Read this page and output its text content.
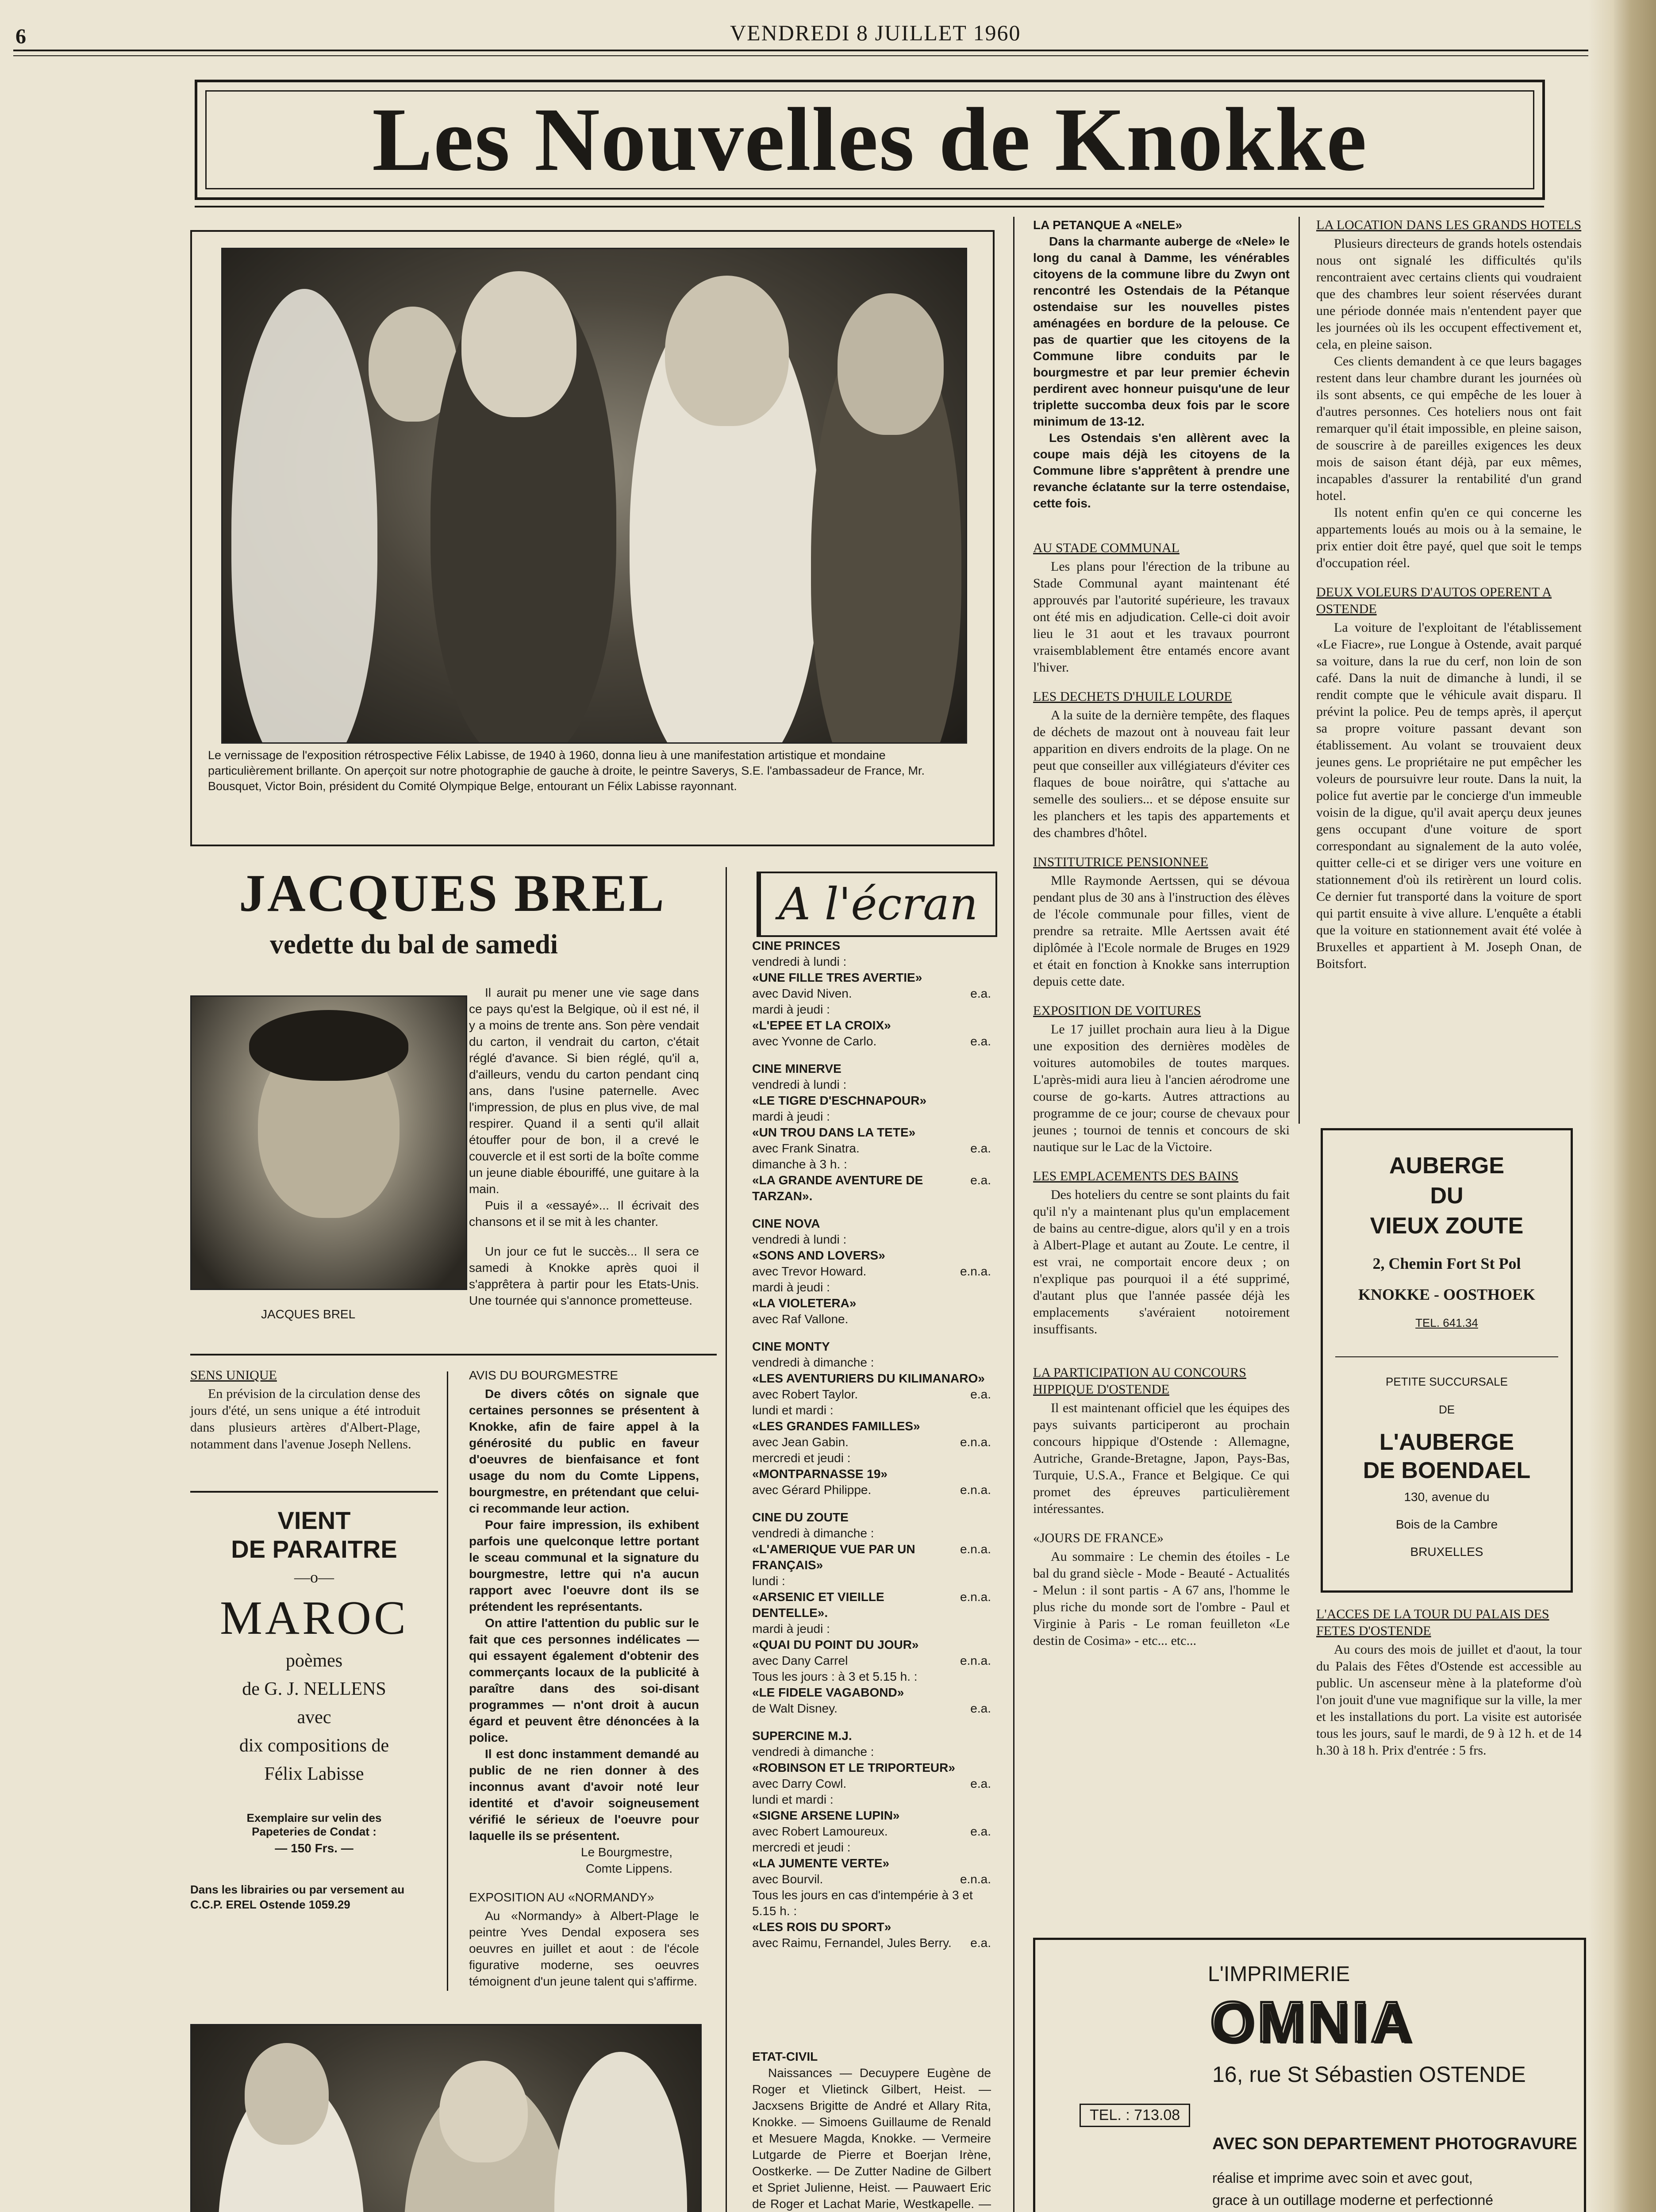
6	VENDREDI 8 JUILLET 1960
Les Nouvelles de Knokke
Le vernissage de l'exposition rétrospective Félix Labisse, de 1940 à 1960, donna lieu à une manifestation artistique et mondaine particulièrement brillante. On aperçoit sur notre photographie de gauche à droite, le peintre Saverys, S.E. l'ambassadeur de France, Mr. Bousquet, Victor Boin, président du Comité Olympique Belge, entourant un Félix Labisse rayonnant.
JACQUES BREL
vedette du bal de samedi
JACQUES BREL

Il aurait pu mener une vie sage dans ce pays qu'est la Belgique, où il est né, il y a moins de trente ans. Son père vendait du carton, il vendrait du carton, c'était réglé d'avance. Si bien réglé, qu'il a, d'ailleurs, vendu du carton pendant cinq ans, dans l'usine paternelle. Avec l'impression, de plus en plus vive, de mal respirer. Quand il a senti qu'il allait étouffer pour de bon, il a crevé le couvercle et il est sorti de la boîte comme un jeune diable ébouriffé, une guitare à la main.

Puis il a «essayé»... Il écrivait des chansons et il se mit à les chanter.

Un jour ce fut le succès... Il sera ce samedi à Knokke après quoi il s'apprêtera à partir pour les Etats-Unis. Une tournée qui s'annonce prometteuse.

SENS UNIQUE

En prévision de la circulation dense des jours d'été, un sens unique a été introduit dans plusieurs artères d'Albert-Plage, notamment dans l'avenue Joseph Nellens.

VIENT
DE PARAITRE
—o—
MAROC
poèmes
de G. J. NELLENS
avec
dix compositions de
Félix Labisse
Exemplaire sur velin des
Papeteries de Condat :
— 150 Frs. —
Dans les librairies ou par versement au C.C.P. EREL Ostende 1059.29
AVIS DU BOURGMESTRE

De divers côtés on signale que certaines personnes se présentent à Knokke, afin de faire appel à la générosité du public en faveur d'oeuvres de bienfaisance et font usage du nom du Comte Lippens, bourgmestre, en prétendant que celui-ci recommande leur action.

Pour faire impression, ils exhibent parfois une quelconque lettre portant le sceau communal et la signature du bourgmestre, lettre qui n'a aucun rapport avec l'oeuvre dont ils se prétendent les représentants.

On attire l'attention du public sur le fait que ces personnes indélicates — qui essayent également d'obtenir des commerçants locaux de la publicité à paraître dans des soi-disant programmes — n'ont droit à aucun égard et peuvent être dénoncées à la police.

Il est donc instamment demandé au public de ne rien donner à des inconnus avant d'avoir noté leur identité et d'avoir soigneusement vérifié le sérieux de l'oeuvre pour laquelle ils se présentent.

Le Bourgmestre,
Comte Lippens.
EXPOSITION AU «NORMANDY»

Au «Normandy» à Albert-Plage le peintre Yves Dendal exposera ses oeuvres en juillet et aout : de l'école figurative moderne, ses oeuvres témoignent d'un jeune talent qui s'affirme.

A l'écran
CINE PRINCES
vendredi à lundi :
«UNE FILLE TRES AVERTIE»
avec David Niven.	e.a.
mardi à jeudi :
«L'EPEE ET LA CROIX»
avec Yvonne de Carlo.	e.a.
CINE MINERVE
vendredi à lundi :
«LE TIGRE D'ESCHNAPOUR»
mardi à jeudi :
«UN TROU DANS LA TETE»
avec Frank Sinatra.	e.a.
dimanche à 3 h. :
«LA GRANDE AVENTURE DE TARZAN».
e.a.
CINE NOVA
vendredi à lundi :
«SONS AND LOVERS»
avec Trevor Howard.	e.n.a.
mardi à jeudi :
«LA VIOLETERA»
avec Raf Vallone.
CINE MONTY
vendredi à dimanche :
«LES AVENTURIERS DU KILIMANARO»
avec Robert Taylor.	e.a.
lundi et mardi :
«LES GRANDES FAMILLES»
avec Jean Gabin.	e.n.a.
mercredi et jeudi :
«MONTPARNASSE 19»
avec Gérard Philippe.	e.n.a.
CINE DU ZOUTE
vendredi à dimanche :
«L'AMERIQUE VUE PAR UN FRANÇAIS»
e.n.a.
lundi :
«ARSENIC ET VIEILLE DENTELLE».
e.n.a.
mardi à jeudi :
«QUAI DU POINT DU JOUR»
avec Dany Carrel	e.n.a.
Tous les jours : à 3 et 5.15 h. :
«LE FIDELE VAGABOND»
de Walt Disney.	e.a.
SUPERCINE M.J.
vendredi à dimanche :
«ROBINSON ET LE TRIPORTEUR»
avec Darry Cowl.	e.a.
lundi et mardi :
«SIGNE ARSENE LUPIN»
avec Robert Lamoureux.	e.a.
mercredi et jeudi :
«LA JUMENTE VERTE»
avec Bourvil.	e.n.a.
Tous les jours en cas d'intempérie à 3 et 5.15 h. :
«LES ROIS DU SPORT»
avec Raimu, Fernandel, Jules Berry. e.a.
ETAT-CIVIL

Naissances — Decuypere Eugène de Roger et Vlietinck Gilbert, Heist. — Jacxsens Brigitte de André et Allary Rita, Knokke. — Simoens Guillaume de Renald et Mesuere Magda, Knokke. — Vermeire Lutgarde de Pierre et Boerjan Irène, Oostkerke. — De Zutter Nadine de Gilbert et Spriet Julienne, Heist. — Pauwaert Eric de Roger et Lachat Marie, Westkapelle. —

LA PETANQUE A «NELE»

Dans la charmante auberge de «Nele» le long du canal à Damme, les vénérables citoyens de la commune libre du Zwyn ont rencontré les Ostendais de la Pétanque ostendaise sur les nouvelles pistes aménagées en bordure de la pelouse. Ce pas de quartier que les citoyens de la Commune libre conduits par le bourgmestre et par leur premier échevin perdirent avec honneur puisqu'une de leur triplette succomba deux fois par le score minimum de 13-12.

Les Ostendais s'en allèrent avec la coupe mais déjà les citoyens de la Commune libre s'apprêtent à prendre une revanche éclatante sur la terre ostendaise, cette fois.

AU STADE COMMUNAL

Les plans pour l'érection de la tribune au Stade Communal ayant maintenant été approuvés par l'autorité supérieure, les travaux ont été mis en adjudication. Celle-ci doit avoir lieu le 31 aout et les travaux pourront vraisemblablement être entamés encore avant l'hiver.

LES DECHETS D'HUILE LOURDE

A la suite de la dernière tempête, des flaques de déchets de mazout ont à nouveau fait leur apparition en divers endroits de la plage. On ne peut que conseiller aux villégiateurs d'éviter ces flaques de boue noirâtre, qui s'attache au semelle des souliers... et se dépose ensuite sur les planchers et les tapis des appartements et des chambres d'hôtel.

INSTITUTRICE PENSIONNEE

Mlle Raymonde Aertssen, qui se dévoua pendant plus de 30 ans à l'instruction des élèves de l'école communale pour filles, vient de prendre sa retraite. Mlle Aertssen avait été diplômée à l'Ecole normale de Bruges en 1929 et était en fonction à Knokke sans interruption depuis cette date.

EXPOSITION DE VOITURES

Le 17 juillet prochain aura lieu à la Digue une exposition des dernières modèles de voitures automobiles de toutes marques. L'après-midi aura lieu à l'ancien aérodrome une course de go-karts. Autres attractions au programme de ce jour; course de chevaux pour jeunes ; tournoi de tennis et concours de ski nautique sur le Lac de la Victoire.

LES EMPLACEMENTS DES BAINS

Des hoteliers du centre se sont plaints du fait qu'il n'y a maintenant plus qu'un emplacement de bains au centre-digue, alors qu'il y en a trois à Albert-Plage et autant au Zoute. Le centre, il est vrai, ne comportait encore deux ; on n'explique pas pourquoi il a été supprimé, d'autant plus que l'année passée déjà les emplacements s'avéraient notoirement insuffisants.

LA PARTICIPATION AU CONCOURS HIPPIQUE D'OSTENDE

Il est maintenant officiel que les équipes des pays suivants participeront au prochain concours hippique d'Ostende : Allemagne, Autriche, Grande-Bretagne, Japon, Pays-Bas, Turquie, U.S.A., France et Belgique. Ce qui promet des épreuves particulièrement intéressantes.

«JOURS DE FRANCE»

Au sommaire : Le chemin des étoiles - Le bal du grand siècle - Mode - Beauté - Actualités - Melun : il sont partis - A 67 ans, l'homme le plus riche du monde sort de l'ombre - Paul et Virginie à Paris - Le roman feuilleton «Le destin de Cosima» - etc... etc...

LA LOCATION DANS LES GRANDS HOTELS

Plusieurs directeurs de grands hotels ostendais nous ont signalé les difficultés qu'ils rencontraient avec certains clients qui voudraient que des chambres leur soient réservées durant une période donnée mais n'entendent payer que les journées où ils les occupent effectivement et, cela, en pleine saison.

Ces clients demandent à ce que leurs bagages restent dans leur chambre durant les journées où ils sont absents, ce qui empêche de les louer à d'autres personnes. Ces hoteliers nous ont fait remarquer qu'il était impossible, en pleine saison, de souscrire à de pareilles exigences les deux mois de saison étant déjà, par eux mêmes, incapables d'assurer la rentabilité d'un grand hotel.

Ils notent enfin qu'en ce qui concerne les appartements loués au mois ou à la semaine, le prix entier doit être payé, quel que soit le temps d'occupation réel.

DEUX VOLEURS D'AUTOS OPERENT A OSTENDE

La voiture de l'exploitant de l'établissement «Le Fiacre», rue Longue à Ostende, avait parqué sa voiture, dans la rue du cerf, non loin de son café. Dans la nuit de dimanche à lundi, il se rendit compte que le véhicule avait disparu. Il prévint la police. Peu de temps après, il aperçut sa propre voiture passant devant son établissement. Au volant se trouvaient deux jeunes gens. Le propriétaire ne put empêcher les voleurs de poursuivre leur route. Dans la nuit, la police fut avertie par le concierge d'un immeuble voisin de la digue, qu'il avait aperçu deux jeunes gens occupant d'une voiture de sport correspondant au signalement de la auto volée, quitter celle-ci et se diriger vers une voiture en stationnement d'où ils retirèrent un lourd colis. Ce dernier fut transporté dans la voiture de sport qui partit ensuite à vive allure. L'enquête a établi que la voiture en stationnement avait été volée à Bruxelles et appartient à M. Joseph Onan, de Boitsfort.

AUBERGE
DU
VIEUX ZOUTE
2, Chemin Fort St Pol
KNOKKE - OOSTHOEK
TEL. 641.34
PETITE SUCCURSALE
DE
L'AUBERGE
DE BOENDAEL
130, avenue du
Bois de la Cambre
BRUXELLES
L'ACCES DE LA TOUR DU PALAIS DES FETES D'OSTENDE

Au cours des mois de juillet et d'aout, la tour du Palais des Fêtes d'Ostende est accessible au public. Un ascenseur mène à la plateforme d'où l'on jouit d'une vue magnifique sur la ville, la mer et les installations du port. La visite est autorisée tous les jours, sauf le mardi, de 9 à 12 h. et de 14 h.30 à 18 h. Prix d'entrée : 5 frs.

L'IMPRIMERIE
OMNIA
16, rue St Sébastien OSTENDE
TEL. : 713.08
AVEC SON DEPARTEMENT PHOTOGRAVURE
réalise et imprime avec soin et avec gout,
grace à un outillage moderne et perfectionné
